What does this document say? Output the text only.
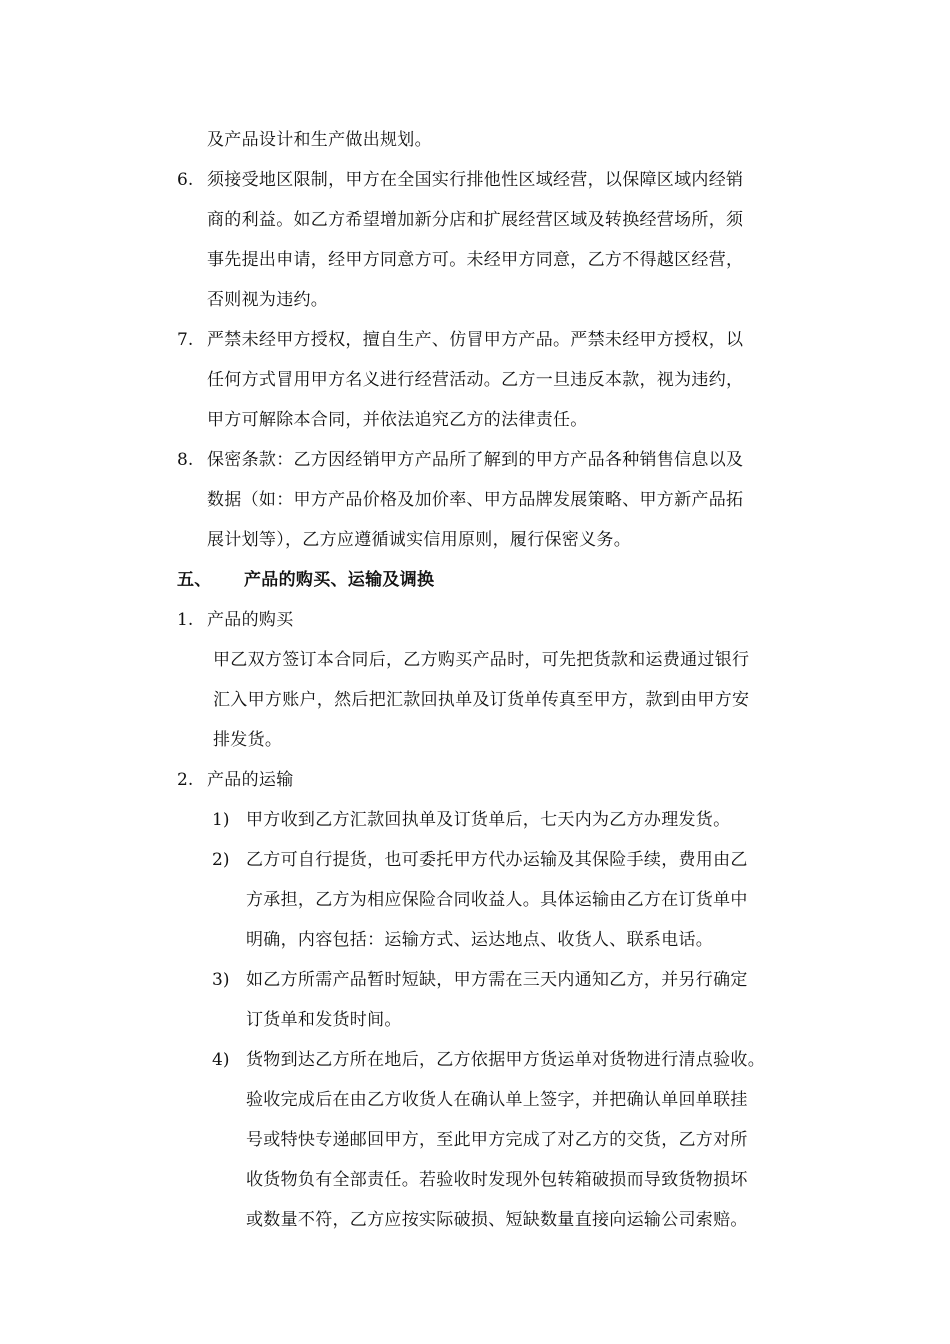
及产品设计和生产做出规划。
6. 须接受地区限制，甲方在全国实行排他性区域经营，以保障区域内经销
商的利益。如乙方希望增加新分店和扩展经营区域及转换经营场所，须
事先提出申请，经甲方同意方可。未经甲方同意，乙方不得越区经营，
否则视为违约。
7. 严禁未经甲方授权，擅自生产、仿冒甲方产品。严禁未经甲方授权，以
任何方式冒用甲方名义进行经营活动。乙方一旦违反本款，视为违约，
甲方可解除本合同，并依法追究乙方的法律责任。
8. 保密条款：乙方因经销甲方产品所了解到的甲方产品各种销售信息以及
数据（如：甲方产品价格及加价率、甲方品牌发展策略、甲方新产品拓
展计划等），乙方应遵循诚实信用原则，履行保密义务。
五、 产品的购买、运输及调换
1. 产品的购买
甲乙双方签订本合同后，乙方购买产品时，可先把货款和运费通过银行
汇入甲方账户，然后把汇款回执单及订货单传真至甲方，款到由甲方安
排发货。
2. 产品的运输
1) 甲方收到乙方汇款回执单及订货单后，七天内为乙方办理发货。
2) 乙方可自行提货，也可委托甲方代办运输及其保险手续，费用由乙
方承担，乙方为相应保险合同收益人。具体运输由乙方在订货单中
明确，内容包括：运输方式、运达地点、收货人、联系电话。
3) 如乙方所需产品暂时短缺，甲方需在三天内通知乙方，并另行确定
订货单和发货时间。
4) 货物到达乙方所在地后，乙方依据甲方货运单对货物进行清点验收。
验收完成后在由乙方收货人在确认单上签字，并把确认单回单联挂
号或特快专递邮回甲方，至此甲方完成了对乙方的交货，乙方对所
收货物负有全部责任。若验收时发现外包转箱破损而导致货物损坏
或数量不符，乙方应按实际破损、短缺数量直接向运输公司索赔。
